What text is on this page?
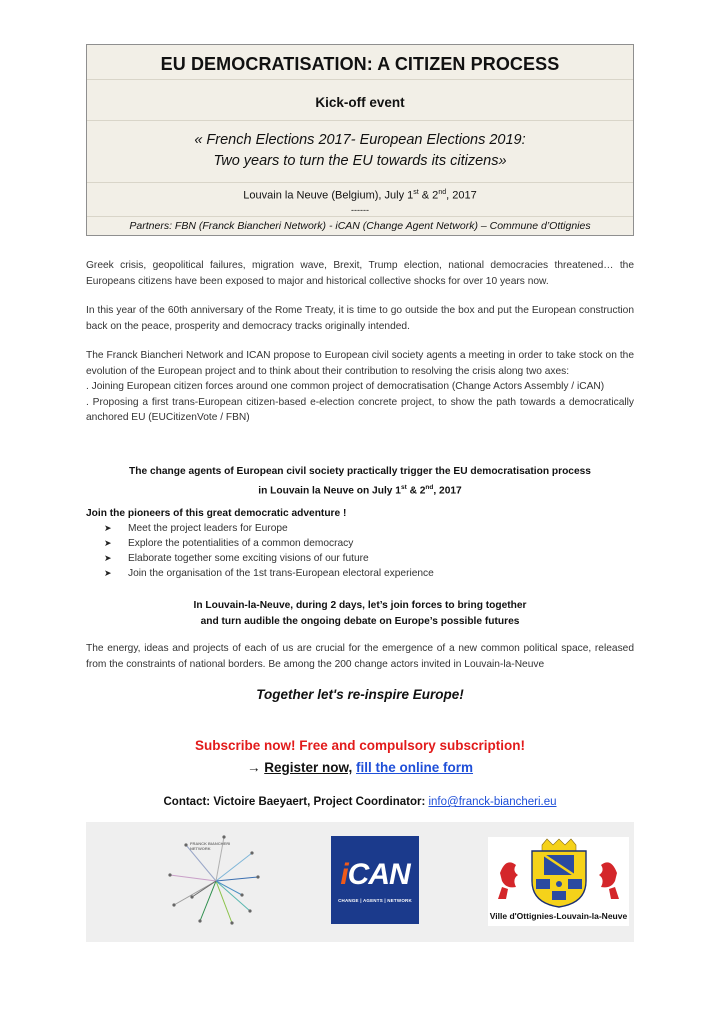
EU DEMOCRATISATION: A CITIZEN PROCESS
Kick-off event
« French Elections 2017- European Elections 2019:
Two years to turn the EU towards its citizens»
Louvain la Neuve (Belgium), July 1st & 2nd, 2017
------
Partners: FBN (Franck Biancheri Network) - iCAN (Change Agent Network) – Commune d’Ottignies

Greek crisis, geopolitical failures, migration wave, Brexit, Trump election, national democracies threatened… the Europeans citizens have been exposed to major and historical collective shocks for over 10 years now.

In this year of the 60th anniversary of the Rome Treaty, it is time to go outside the box and put the European construction back on the peace, prosperity and democracy tracks originally intended.

The Franck Biancheri Network and ICAN propose to European civil society agents a meeting in order to take stock on the evolution of the European project and to think about their contribution to resolving the crisis along two axes:
. Joining European citizen forces around one common project of democratisation (Change Actors Assembly / iCAN)
. Proposing a first trans-European citizen-based e-election concrete project, to show the path towards a democratically anchored EU (EUCitizenVote / FBN)
The change agents of European civil society practically trigger the EU democratisation process
in Louvain la Neuve on July 1st & 2nd, 2017

Join the pioneers of this great democratic adventure !

➤ Meet the project leaders for Europe
➤ Explore the potentialities of a common democracy
➤ Elaborate together some exciting visions of our future
➤ Join the organisation of the 1st trans-European electoral experience
In Louvain-la-Neuve, during 2 days, let’s join forces to bring together
and turn audible the ongoing debate on Europe’s possible futures

The energy, ideas and projects of each of us are crucial for the emergence of a new common political space, released from the constraints of national borders. Be among the 200 change actors invited in Louvain-la-Neuve

Together let's re-inspire Europe!
Subscribe now! Free and compulsory subscription!
→ Register now, fill the online form
Contact: Victoire Baeyaert, Project Coordinator: info@franck-biancheri.eu
FRANCK BIANCHERI
NETWORK
iCAN
CHANGE | AGENTS | NETWORK
Ville d'Ottignies-Louvain-la-Neuve
